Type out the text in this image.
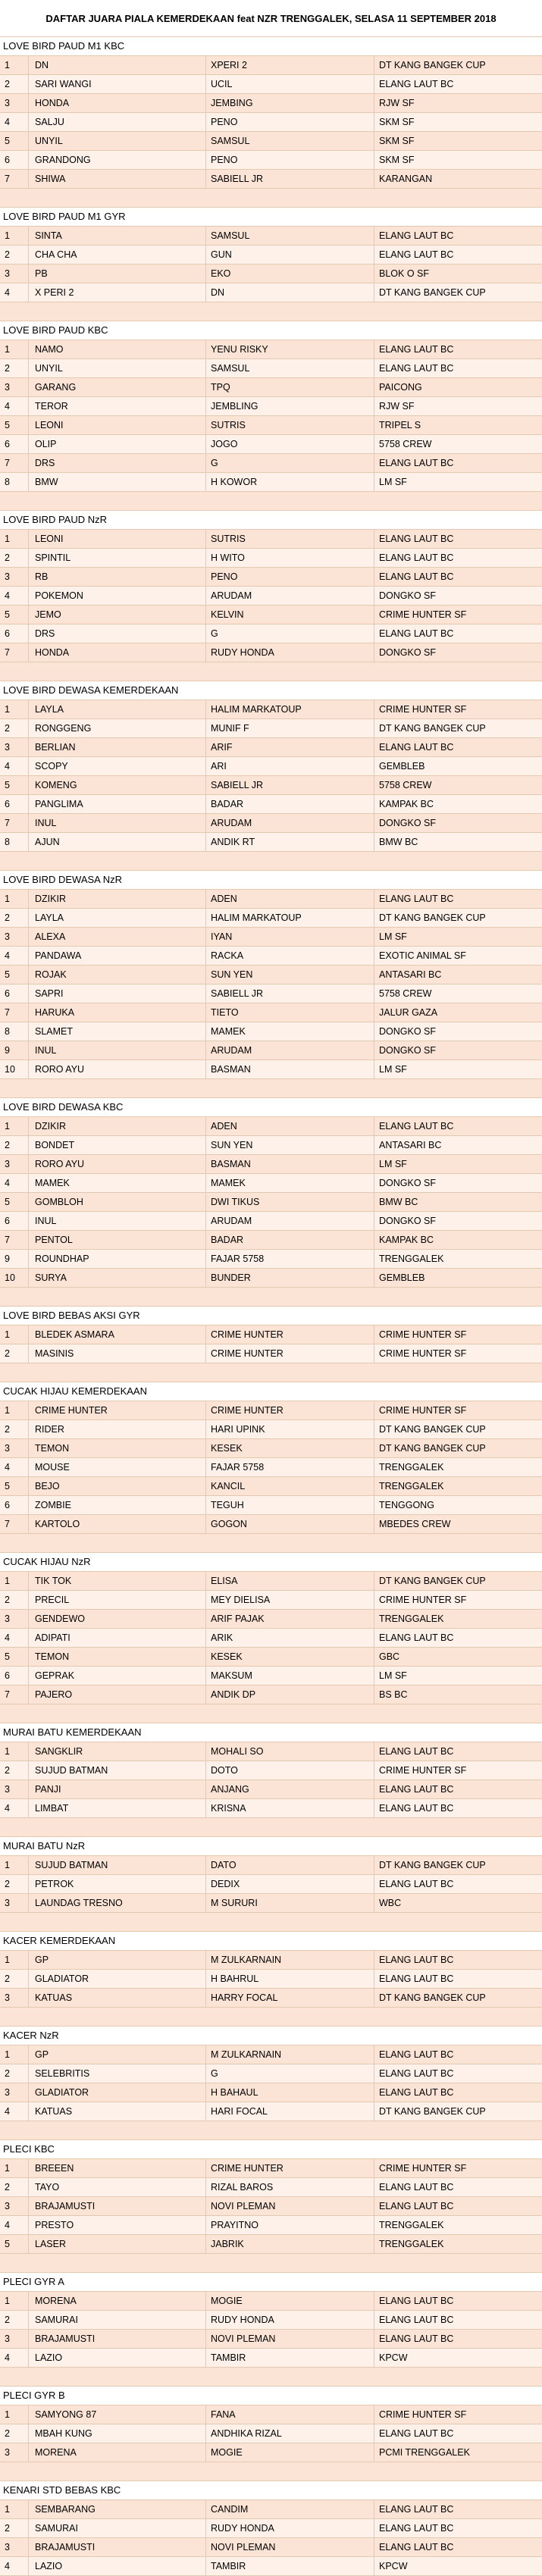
DAFTAR JUARA PIALA KEMERDEKAAN feat NZR TRENGGALEK, SELASA 11 SEPTEMBER 2018
LOVE BIRD PAUD M1 KBC
1	DN	XPERI 2	DT KANG BANGEK CUP
2	SARI WANGI	UCIL	ELANG LAUT BC
3	HONDA	JEMBING	RJW SF
4	SALJU	PENO	SKM SF
5	UNYIL	SAMSUL	SKM SF
6	GRANDONG	PENO	SKM SF
7	SHIWA	SABIELL JR	KARANGAN
LOVE BIRD PAUD M1 GYR
1	SINTA	SAMSUL	ELANG LAUT BC
2	CHA CHA	GUN	ELANG LAUT BC
3	PB	EKO	BLOK O SF
4	X PERI 2	DN	DT KANG BANGEK CUP
LOVE BIRD PAUD KBC
1	NAMO	YENU RISKY	ELANG LAUT BC
2	UNYIL	SAMSUL	ELANG LAUT BC
3	GARANG	TPQ	PAICONG
4	TEROR	JEMBLING	RJW SF
5	LEONI	SUTRIS	TRIPEL S
6	OLIP	JOGO	5758 CREW
7	DRS	G	ELANG LAUT BC
8	BMW	H KOWOR	LM SF
LOVE BIRD PAUD NzR
1	LEONI	SUTRIS	ELANG LAUT BC
2	SPINTIL	H WITO	ELANG LAUT BC
3	RB	PENO	ELANG LAUT BC
4	POKEMON	ARUDAM	DONGKO SF
5	JEMO	KELVIN	CRIME HUNTER SF
6	DRS	G	ELANG LAUT BC
7	HONDA	RUDY HONDA	DONGKO SF
LOVE BIRD DEWASA KEMERDEKAAN
1	LAYLA	HALIM MARKATOUP	CRIME HUNTER SF
2	RONGGENG	MUNIF F	DT KANG BANGEK CUP
3	BERLIAN	ARIF	ELANG LAUT BC
4	SCOPY	ARI	GEMBLEB
5	KOMENG	SABIELL JR	5758 CREW
6	PANGLIMA	BADAR	KAMPAK BC
7	INUL	ARUDAM	DONGKO SF
8	AJUN	ANDIK RT	BMW BC
LOVE BIRD DEWASA NzR
1	DZIKIR	ADEN	ELANG LAUT BC
2	LAYLA	HALIM MARKATOUP	DT KANG BANGEK CUP
3	ALEXA	IYAN	LM SF
4	PANDAWA	RACKA	EXOTIC ANIMAL SF
5	ROJAK	SUN YEN	ANTASARI BC
6	SAPRI	SABIELL JR	5758 CREW
7	HARUKA	TIETO	JALUR GAZA
8	SLAMET	MAMEK	DONGKO SF
9	INUL	ARUDAM	DONGKO SF
10	RORO AYU	BASMAN	LM SF
LOVE BIRD DEWASA KBC
1	DZIKIR	ADEN	ELANG LAUT BC
2	BONDET	SUN YEN	ANTASARI BC
3	RORO AYU	BASMAN	LM SF
4	MAMEK	MAMEK	DONGKO SF
5	GOMBLOH	DWI TIKUS	BMW BC
6	INUL	ARUDAM	DONGKO SF
7	PENTOL	BADAR	KAMPAK BC
9	ROUNDHAP	FAJAR 5758	TRENGGALEK
10	SURYA	BUNDER	GEMBLEB
LOVE BIRD BEBAS AKSI GYR
1	BLEDEK ASMARA	CRIME HUNTER	CRIME HUNTER SF
2	MASINIS	CRIME HUNTER	CRIME HUNTER SF
CUCAK HIJAU KEMERDEKAAN
1	CRIME HUNTER	CRIME HUNTER	CRIME HUNTER SF
2	RIDER	HARI UPINK	DT KANG BANGEK CUP
3	TEMON	KESEK	DT KANG BANGEK CUP
4	MOUSE	FAJAR 5758	TRENGGALEK
5	BEJO	KANCIL	TRENGGALEK
6	ZOMBIE	TEGUH	TENGGONG
7	KARTOLO	GOGON	MBEDES CREW
CUCAK HIJAU NzR
1	TIK TOK	ELISA	DT KANG BANGEK CUP
2	PRECIL	MEY DIELISA	CRIME HUNTER SF
3	GENDEWO	ARIF PAJAK	TRENGGALEK
4	ADIPATI	ARIK	ELANG LAUT BC
5	TEMON	KESEK	GBC
6	GEPRAK	MAKSUM	LM SF
7	PAJERO	ANDIK DP	BS BC
MURAI BATU KEMERDEKAAN
1	SANGKLIR	MOHALI SO	ELANG LAUT BC
2	SUJUD BATMAN	DOTO	CRIME HUNTER SF
3	PANJI	ANJANG	ELANG LAUT BC
4	LIMBAT	KRISNA	ELANG LAUT BC
MURAI BATU NzR
1	SUJUD BATMAN	DATO	DT KANG BANGEK CUP
2	PETROK	DEDIX	ELANG LAUT BC
3	LAUNDAG TRESNO	M SURURI	WBC
KACER KEMERDEKAAN
1	GP	M ZULKARNAIN	ELANG LAUT BC
2	GLADIATOR	H BAHRUL	ELANG LAUT BC
3	KATUAS	HARRY FOCAL	DT KANG BANGEK CUP
KACER NzR
1	GP	M ZULKARNAIN	ELANG LAUT BC
2	SELEBRITIS	G	ELANG LAUT BC
3	GLADIATOR	H BAHAUL	ELANG LAUT BC
4	KATUAS	HARI FOCAL	DT KANG BANGEK CUP
PLECI KBC
1	BREEEN	CRIME HUNTER	CRIME HUNTER SF
2	TAYO	RIZAL BAROS	ELANG LAUT BC
3	BRAJAMUSTI	NOVI PLEMAN	ELANG LAUT BC
4	PRESTO	PRAYITNO	TRENGGALEK
5	LASER	JABRIK	TRENGGALEK
PLECI GYR A
1	MORENA	MOGIE	ELANG LAUT BC
2	SAMURAI	RUDY HONDA	ELANG LAUT BC
3	BRAJAMUSTI	NOVI PLEMAN	ELANG LAUT BC
4	LAZIO	TAMBIR	KPCW
PLECI GYR B
1	SAMYONG 87	FANA	CRIME HUNTER SF
2	MBAH KUNG	ANDHIKA RIZAL	ELANG LAUT BC
3	MORENA	MOGIE	PCMI TRENGGALEK
KENARI STD BEBAS KBC
1	SEMBARANG	CANDIM	ELANG LAUT BC
2	SAMURAI	RUDY HONDA	ELANG LAUT BC
3	BRAJAMUSTI	NOVI PLEMAN	ELANG LAUT BC
4	LAZIO	TAMBIR	KPCW
